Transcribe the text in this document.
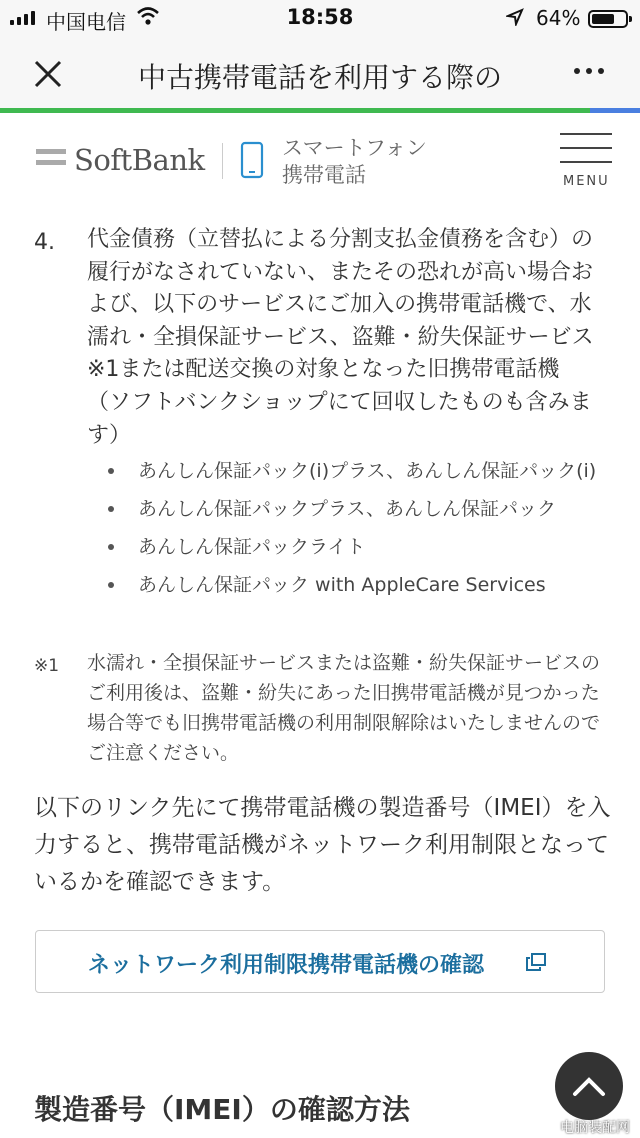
中国电信	18:58	64%
中古携帯電話を利用する際の
SoftBank	スマートフォン
携帯電話	MENU
4. 代金債務（立替払による分割支払金債務を含む）の履行がなされていない、またその恐れが高い場合および、以下のサービスにご加入の携帯電話機で、水濡れ・全損保証サービス、盗難・紛失保証サービス※1または配送交換の対象となった旧携帯電話機（ソフトバンクショップにて回収したものも含みます）
あんしん保証パック(i)プラス、あんしん保証パック(i)
あんしん保証パックプラス、あんしん保証パック
あんしん保証パックライト
あんしん保証パック with AppleCare Services
※1 水濡れ・全損保証サービスまたは盗難・紛失保証サービスのご利用後は、盗難・紛失にあった旧携帯電話機が見つかった場合等でも旧携帯電話機の利用制限解除はいたしませんのでご注意ください。
以下のリンク先にて携帯電話機の製造番号（IMEI）を入力すると、携帯電話機がネットワーク利用制限となっているかを確認できます。
ネットワーク利用制限携帯電話機の確認
製造番号（IMEI）の確認方法
电脑装配网
